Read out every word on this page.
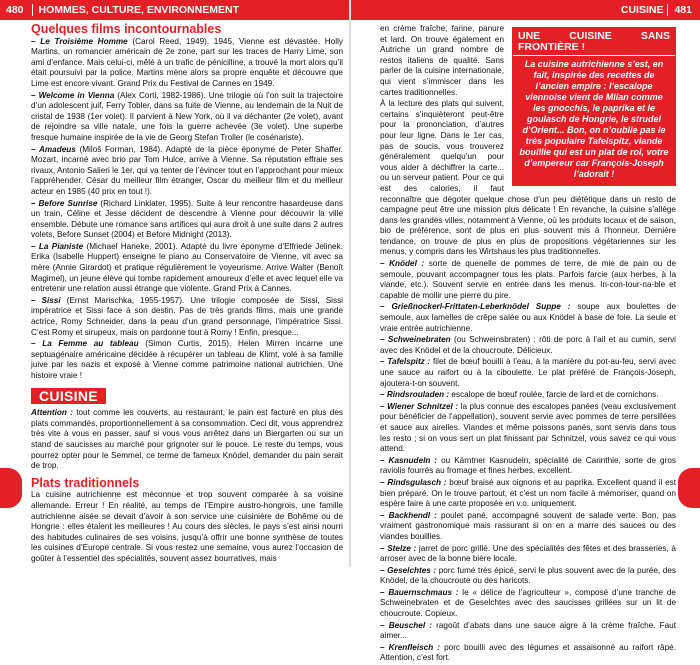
480 HOMMES, CULTURE, ENVIRONNEMENT	CUISINE 481
Quelques films incontournables

– Le Troisième Homme (Carol Reed, 1949). 1945, Vienne est dévastée. Holly Martins, un romancier américain de 2e zone, part sur les traces de Harry Lime, son ami d’enfance. Mais celui-ci, mêlé à un trafic de pénicilline, a trouvé la mort alors qu’il était poursuivi par la police. Martins mène alors sa propre enquête et découvre que Lime est encore vivant. Grand Prix du Festival de Cannes en 1949.

– Welcome in Vienna (Alex Corti, 1982-1986). Une trilogie où l’on suit la trajectoire d’un adolescent juif, Ferry Tobler, dans sa fuite de Vienne, au lendemain de la Nuit de cristal de 1938 (1er volet). Il parvient à New York, où il va déchanter (2e volet), avant de rejoindre sa ville natale, une fois la guerre achevée (3e volet). Une superbe fresque humaine inspirée de la vie de Georg Stefan Troller (le cosénariste).

– Amadeus (Miloš Forman, 1984). Adapté de la pièce éponyme de Peter Shaffer. Mozart, incarné avec brio par Tom Hulce, arrive à Vienne. Sa réputation effraie ses rivaux, Antonio Salieri le 1er, qui va tenter de l’évincer tout en l’approchant pour mieux l’appréhender. César du meilleur film étranger, Oscar du meilleur film et du meilleur acteur en 1985 (40 prix en tout !).

– Before Sunrise (Richard Linklater, 1995). Suite à leur rencontre hasardeuse dans un train, Céline et Jesse décident de descendre à Vienne pour découvrir la ville ensemble. Débute une romance sans artifices qui aura droit à une suite dans 2 autres volets, Before Sunset (2004) et Before Midnight (2013).

– La Pianiste (Michael Haneke, 2001). Adapté du livre éponyme d’Elfriede Jelinek. Erika (Isabelle Huppert) enseigne le piano au Conservatoire de Vienne, vit avec sa mère (Annie Girardot) et pratique régulièrement le voyeurisme. Arrive Walter (Benoît Magimel), un jeune élève qui tombe rapidement amoureux d’elle et avec lequel elle va entretenir une relation aussi étrange que violente. Grand Prix à Cannes.

– Sissi (Ernst Marischka, 1955-1957). Une trilogie composée de Sissi, Sissi impératrice et Sissi face à son destin. Pas de très grands films, mais une grande actrice, Romy Schneider, dans la peau d’un grand personnage, l’impératrice Sissi. C’est Romy et sirupeux, mais on pardonne tout à Romy ! Enfin, presque...

– La Femme au tableau (Simon Curtis, 2015). Helen Mirren incarne une septuagénaire américaine décidée à récupérer un tableau de Klimt, volé à sa famille juive par les nazis et exposé à Vienne comme patrimoine national autrichien. Une histoire vraie !

CUISINE

Attention : tout comme les couverts, au restaurant, le pain est facturé en plus des plats commandés, proportionnellement à sa consommation. Ceci dit, vous apprendrez très vite à vous en passer, sauf si vous vous arrêtez dans un Biergarten ou sur un stand de saucisses au marché pour grignoter sur le pouce. Le reste du temps, vous pourrez opter pour le Semmel, ce terme de fameux Knödel, demander du pain serait de trop.

Plats traditionnels

La cuisine autrichienne est méconnue et trop souvent comparée à sa voisine allemande. Erreur ! En réalité, au temps de l’Empire austro-hongrois, une famille autrichienne aisée se devait d’avoir à son service une cuisinière de Bohême ou de Hongrie : elles étaient les meilleures ! Au cours des siècles, le pays s’est ainsi nourri des habitudes culinaires de ses voisins, jusqu’à offrir une bonne synthèse de toutes les cuisines d’Europe centrale. Si vous restez une semaine, vous aurez l’occasion de goûter à l’essentiel des spécialités, souvent assez bourratives, mais

UNE CUISINE SANS FRONTIÈRE !
La cuisine autrichienne s’est, en fait, inspirée des recettes de l’ancien empire : l’escalope viennoise vient de Milan comme les gnocchis, le paprika et le goulasch de Hongrie, le strudel d’Orient... Bon, on n’oublie pas le très populaire Tafelspitz, viande bouillie qui est un plat de roi, votre d’empereur car François-Joseph l’adorait !

en crème fraîche, farine, panure et lard. On trouve également en Autriche un grand nombre de restos italiens de qualité. Sans parler de la cuisine internationale, qui vient s’immiscer dans les cartes traditionnelles.

À la lecture des plats qui suivent, certains s’inquièteront peut-être pour la prononciation, d’autres pour leur ligne. Dans le 1er cas, pas de soucis, vous trouverez généralement quelqu’un pour vous aider à déchiffrer la carte... ou un serveur patient. Pour ce qui est des calories, il faut reconnaître que dégoter quelque chose d’un peu diététique dans un resto de campagne peut être une mission plus délicate ! En revanche, la cuisine s’allège dans les grandes villes, notamment à Vienne, où les produits locaux et de saison, bio de préférence, sont de plus en plus souvent mis à l’honneur. Dernière tendance, on trouve de plus en plus de propositions végétariennes sur les menus, y compris dans les Wirtshaus les plus traditionnelles.

– Knödel : sorte de quenelle de pommes de terre, de mie de pain ou de semoule, pouvant accompagner tous les plats. Parfois farcie (aux herbes, à la viande, etc.). Souvent servie en entrée dans les menus. In-con-tour-na-ble et capable de mollir une pierre du pire.

– Grießnockerl-Frittaten-Leberknödel Suppe : soupe aux boulettes de semoule, aux lamelles de crêpe salée ou aux Knödel à base de foie. La seule et vraie entrée autrichienne.

– Schweinebraten (ou Schweinsbraten) : rôti de porc à l’ail et au cumin, servi avec des Knödel et de la choucroute. Délicieux.

– Tafelspitz : filet de bœuf bouilli à l’eau, à la manière du pot-au-feu, servi avec une sauce au raifort ou à la ciboulette. Le plat préféré de François-Joseph, ajoutera-t-on souvent.

– Rindsrouladen : escalope de bœuf roulée, farcie de lard et de cornichons.

– Wiener Schnitzel : la plus connue des escalopes panées (veau exclusivement pour bénéficier de l’appellation), souvent servie avec pommes de terre persillées et sauce aux airelles. Viandes et même poissons panés, sont servis dans tous les resto ; si on vous sert un plat finissant par Schnitzel, vous savez ce qui vous attend.

– Kasnudeln : ou Kärntner Kasnudeln, spécialité de Carinthie, sorte de gros raviolis fourrés au fromage et fines herbes, excellent.

– Rindsgulasch : bœuf braisé aux oignons et au paprika. Excellent quand il est bien préparé. On le trouve partout, et c’est un nom facile à mémoriser, quand on espère faire à une carte proposée en v.o. uniquement.

– Backhendl : poulet pané, accompagné souvent de salade verte. Bon, pas vraiment gastronomique mais rassurant si on en a marre des sauces ou des viandes bouillies.

– Stelze : jarret de porc grillé. Une des spécialités des fêtes et des brasseries, à arroser avec de la bonne bière locale.

– Geselchtes : porc fumé très épicé, servi le plus souvent avec de la purée, des Knödel, de la choucroute ou des haricots.

– Bauernschmaus : le « délice de l’agriculteur », composé d’une tranche de Schweinebraten et de Geselchtes avec des saucisses grillées sur un lit de choucroute. Copieux.

– Beuschel : ragoût d’abats dans une sauce aigre à la crème fraîche. Faut aimer...

– Krenfleisch : porc bouilli avec des légumes et assaisonné au raifort râpé. Attention, c’est fort.
